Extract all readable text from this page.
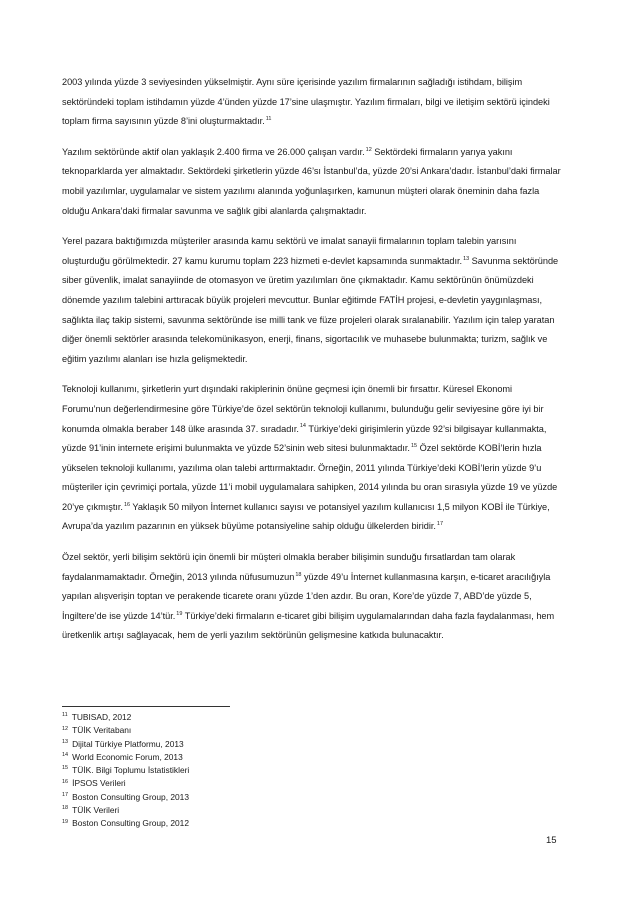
2003 yılında yüzde 3 seviyesinden yükselmiştir. Aynı süre içerisinde yazılım firmalarının sağladığı istihdam, bilişim sektöründeki toplam istihdamın yüzde 4’ünden yüzde 17’sine ulaşmıştır. Yazılım firmaları, bilgi ve iletişim sektörü içindeki toplam firma sayısının yüzde 8’ini oluşturmaktadır.$^{11}$

Yazılım sektöründe aktif olan yaklaşık 2.400 firma ve 26.000 çalışan vardır.$^{12}$ Sektördeki firmaların yarıya yakını teknoparklarda yer almaktadır. Sektördeki şirketlerin yüzde 46’sı İstanbul’da, yüzde 20’si Ankara’dadır. İstanbul’daki firmalar mobil yazılımlar, uygulamalar ve sistem yazılımı alanında yoğunlaşırken, kamunun müşteri olarak öneminin daha fazla olduğu Ankara’daki firmalar savunma ve sağlık gibi alanlarda çalışmaktadır.

Yerel pazara baktığımızda müşteriler arasında kamu sektörü ve imalat sanayii firmalarının toplam talebin yarısını oluşturduğu görülmektedir. 27 kamu kurumu toplam 223 hizmeti e-devlet kapsamında sunmaktadır.$^{13}$ Savunma sektöründe siber güvenlik, imalat sanayiinde de otomasyon ve üretim yazılımları öne çıkmaktadır. Kamu sektörünün önümüzdeki dönemde yazılım talebini arttıracak büyük projeleri mevcuttur. Bunlar eğitimde FATİH projesi, e-devletin yaygınlaşması, sağlıkta ilaç takip sistemi, savunma sektöründe ise milli tank ve füze projeleri olarak sıralanabilir. Yazılım için talep yaratan diğer önemli sektörler arasında telekomünikasyon, enerji, finans, sigortacılık ve muhasebe bulunmakta; turizm, sağlık ve eğitim yazılımı alanları ise hızla gelişmektedir.

Teknoloji kullanımı, şirketlerin yurt dışındaki rakiplerinin önüne geçmesi için önemli bir fırsattır. Küresel Ekonomi Forumu’nun değerlendirmesine göre Türkiye’de özel sektörün teknoloji kullanımı, bulunduğu gelir seviyesine göre iyi bir konumda olmakla beraber 148 ülke arasında 37. sıradadır.$^{14}$ Türkiye’deki girişimlerin yüzde 92’si bilgisayar kullanmakta, yüzde 91’inin internete erişimi bulunmakta ve yüzde 52’sinin web sitesi bulunmaktadır.$^{15}$ Özel sektörde KOBİ’lerin hızla yükselen teknoloji kullanımı, yazılıma olan talebi arttırmaktadır. Örneğin, 2011 yılında Türkiye’deki KOBİ’lerin yüzde 9’u müşteriler için çevrimiçi portala, yüzde 11’i mobil uygulamalara sahipken, 2014 yılında bu oran sırasıyla yüzde 19 ve yüzde 20’ye çıkmıştır.$^{16}$ Yaklaşık 50 milyon İnternet kullanıcı sayısı ve potansiyel yazılım kullanıcısı 1,5 milyon KOBİ ile Türkiye, Avrupa’da yazılım pazarının en yüksek büyüme potansiyeline sahip olduğu ülkelerden biridir.$^{17}$

Özel sektör, yerli bilişim sektörü için önemli bir müşteri olmakla beraber bilişimin sunduğu fırsatlardan tam olarak faydalanmamaktadır. Örneğin, 2013 yılında nüfusumuzun$^{18}$ yüzde 49’u İnternet kullanmasına karşın, e-ticaret aracılığıyla yapılan alışverişin toptan ve perakende ticarete oranı yüzde 1’den azdır. Bu oran, Kore’de yüzde 7, ABD’de yüzde 5, İngiltere’de ise yüzde 14’tür.$^{19}$ Türkiye’deki firmaların e-ticaret gibi bilişim uygulamalarından daha fazla faydalanması, hem üretkenlik artışı sağlayacak, hem de yerli yazılım sektörünün gelişmesine katkıda bulunacaktır.

$^{11}$ TUBISAD, 2012
$^{12}$ TÜİK Veritabanı
$^{13}$ Dijital Türkiye Platformu, 2013
$^{14}$ World Economic Forum, 2013
$^{15}$ TÜİK. Bilgi Toplumu İstatistikleri
$^{16}$ İPSOS Verileri
$^{17}$ Boston Consulting Group, 2013
$^{18}$ TÜİK Verileri
$^{19}$ Boston Consulting Group, 2012
15
